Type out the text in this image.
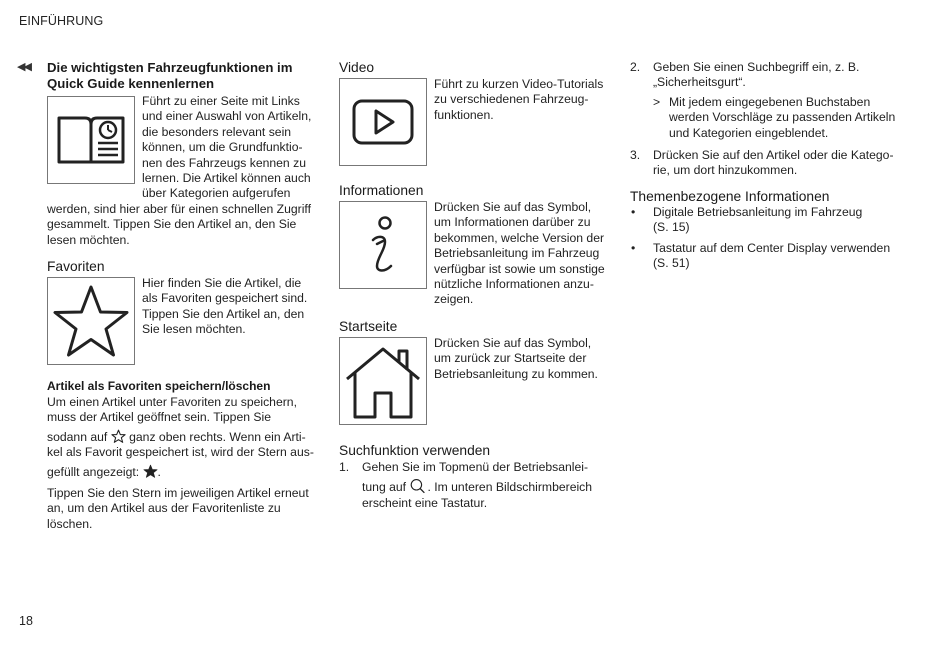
EINFÜHRUNG
◀◀ Die wichtigsten Fahrzeugfunktionen im
Quick Guide kennenlernen
Führt zu einer Seite mit Links
und einer Auswahl von Artikeln,
die besonders relevant sein
können, um die Grundfunktio-
nen des Fahrzeugs kennen zu
lernen. Die Artikel können auch
über Kategorien aufgerufen
werden, sind hier aber für einen schnellen Zugriff
gesammelt. Tippen Sie den Artikel an, den Sie
lesen möchten.
Favoriten
Hier finden Sie die Artikel, die
als Favoriten gespeichert sind.
Tippen Sie den Artikel an, den
Sie lesen möchten.
Artikel als Favoriten speichern/löschen
Um einen Artikel unter Favoriten zu speichern,
muss der Artikel geöffnet sein. Tippen Sie
sodann auf ganz oben rechts. Wenn ein Arti-
kel als Favorit gespeichert ist, wird der Stern aus-
gefüllt angezeigt: .
Tippen Sie den Stern im jeweiligen Artikel erneut
an, um den Artikel aus der Favoritenliste zu
löschen.
Video
Führt zu kurzen Video-Tutorials
zu verschiedenen Fahrzeug-
funktionen.
Informationen
Drücken Sie auf das Symbol,
um Informationen darüber zu
bekommen, welche Version der
Betriebsanleitung im Fahrzeug
verfügbar ist sowie um sonstige
nützliche Informationen anzu-
zeigen.
Startseite
Drücken Sie auf das Symbol,
um zurück zur Startseite der
Betriebsanleitung zu kommen.
Suchfunktion verwenden
1. Gehen Sie im Topmenü der Betriebsanlei-
tung auf . Im unteren Bildschirmbereich
erscheint eine Tastatur.
2. Geben Sie einen Suchbegriff ein, z. B.
„Sicherheitsgurt“.
> Mit jedem eingegebenen Buchstaben
werden Vorschläge zu passenden Artikeln
und Kategorien eingeblendet.
3. Drücken Sie auf den Artikel oder die Katego-
rie, um dort hinzukommen.
Themenbezogene Informationen
• Digitale Betriebsanleitung im Fahrzeug
(S. 15)
• Tastatur auf dem Center Display verwenden
(S. 51)
18
